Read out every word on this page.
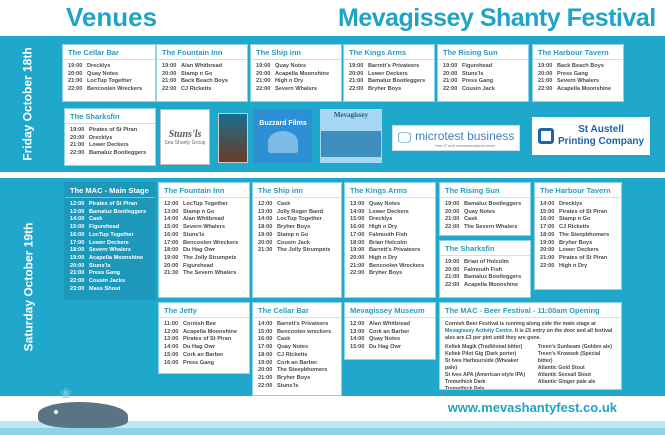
Venues	Mevagissey Shanty Festival
Friday October 18th
Saturday October 19th
The Cellar Bar
19:00 Drecklys
20:00 Quay Notes
21:00 LocTup Together
22:00 Bencoolen Wreckers
The Fountain Inn
19:00 Alan Whitbread
20:00 Stamp n Go
21:00 Back Beach Boys
22:00 CJ Ricketts
The Ship inn
19:00 Quay Notes
20:00 Acapella Moonshine
21:00 High n Dry
22:00 Severn Whalers
The Kings Arms
19:00 Barrett's Privateers
20:00 Lower Deckers
21:00 Bamaluz Bootleggers
22:00 Bryher Boys
The Rising Sun
19:00 Figurehead
20:00 Stuns'ls
21:00 Press Gang
22:00 Cousin Jack
The Harbour Tavern
19:00 Back Beach Boys
20:00 Press Gang
21:00 Severn Whalers
22:00 Acapella Moonshine
The Sharksfin
19:00 Pirates of St Piran
20:00 Drecklys
21:00 Lower Deckers
22:00 Bamaluz Bootleggers
Stuns'ls
Sea Shanty Group
Buzzard Films
Mevagissey
🖵 microtest business
Your IT and communications team
St Austell
Printing Company
The MAC - Main Stage
12:00 Pirates of St Piran
13:00 Bamaluz Bootleggers
14:00 Cask
15:00 Figurehead
16:00 LocTup Together
17:00 Lower Deckers
18:00 Severn Whalers
19:00 Acapella Moonshine
20:00 Stuns'ls
21:00 Press Gang
22:00 Cousin Jacks
23:00 Mass Shout
The Fountain Inn
12:00 LocTup Together
13:00 Stamp n Go
14:00 Alan Whitbread
15:00 Severn Whalers
16:00 Stuns'ls
17:00 Bencoolen Wreckers
18:00 Du Hag Owr
19:00 The Jolly Strumpets
20:00 Figurehead
21:30 The Severn Whalers
The Ship inn
12:00 Cask
13:00 Jolly Roger Band
14:00 LocTup Together
18:00 Bryher Boys
19:00 Stamp n Go
20:00 Cousin Jack
21:30 The Jolly Strumpets
The Kings Arms
13:00 Quay Notes
14:00 Lower Deckers
15:00 Drecklys
16:00 High n Dry
17:00 Falmouth Fish
18:00 Brian Holcolm
19:00 Barrett's Privateers
20:00 High n Dry
21:00 Bencoolen Wreckers
22:00 Bryher Boys
The Rising Sun
19:00 Bamaluz Bootleggers
20:00 Quay Notes
21:00 Cask
22:00 The Severn Whalers
The Sharksfin
19:00 Brian of Holcolm
20:00 Falmouth Fish
21:00 Bamaluz Bootleggers
22:00 Acapella Moonshine
The Harbour Tavern
14:00 Drecklys
15:00 Pirates of St Piran
16:00 Stamp n Go
17:00 CJ Ricketts
18:00 The Steepbhomers
19:00 Bryher Boys
20:00 Lower Deckers
21:00 Pirates of St Piran
22:00 High n Dry
The Jetty
11:00 Cornish Bee
12:00 Acapella Moonshine
13:00 Pirates of St Piran
14:00 Du Hag Owr
15:00 Cork an Barber
16:00 Press Gang
The Cellar Bar
14:00 Barrett's Privateers
15:00 Bencoolen wreckers
16:00 Cask
17:00 Quay Notes
18:00 CJ Ricketts
19:00 Cork an Barber
20:00 The Steepbhomers
21:00 Bryher Boys
22:00 Stuns'ls
Mevagissey Museum
12:00 Alan Whitbread
13:00 Cork an Barber
14:00 Quay Notes
15:00 Du Hag Owr
The MAC - Beer Festival - 11:00am Opening

Cornish Beer Festival is running along side the main stage at Mevagissey Activity Centre. It is £5 entry on the door and all festival ales are £3 per pint until they are gone.

Keltek Magik (Traditional bitter)
Keltek Pilot Gig (Dark porter)
St Ives Harbourside (Wheaker pale)
St Ives APA (American-style IPA)
Tremethick Dark
Tremethick Pale
Treen's Sunbeam (Golden ale)
Treen's Krowsek (Special bitter)
Atlantic Gold Stout
Atlantic Sessail Stout
Atlantic Ginger pale ale
❀
www.mevashantyfest.co.uk
